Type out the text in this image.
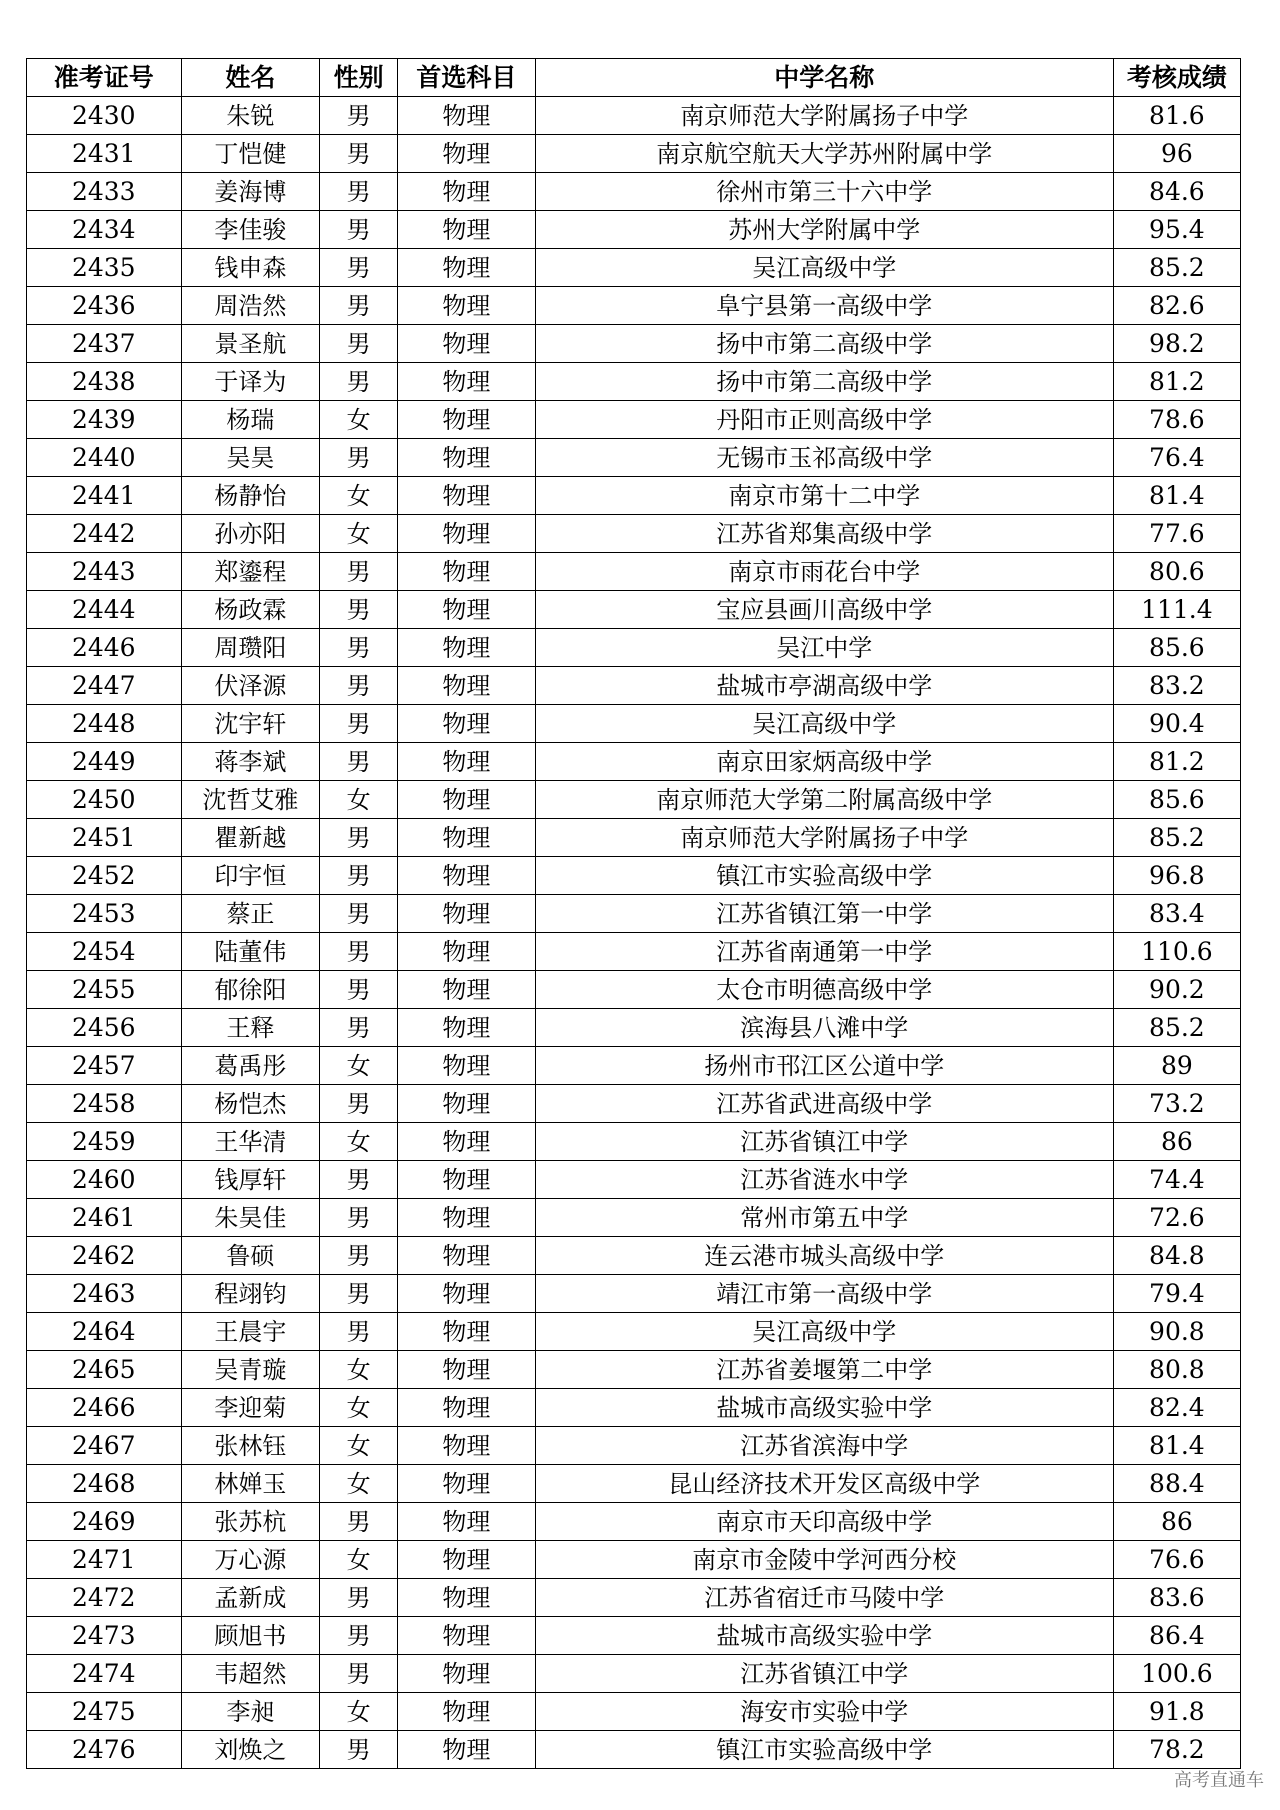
准考证号	姓名	性别	首选科目	中学名称	考核成绩
2430	朱锐	男	物理	南京师范大学附属扬子中学	81.6
2431	丁恺健	男	物理	南京航空航天大学苏州附属中学	96
2433	姜海博	男	物理	徐州市第三十六中学	84.6
2434	李佳骏	男	物理	苏州大学附属中学	95.4
2435	钱申森	男	物理	吴江高级中学	85.2
2436	周浩然	男	物理	阜宁县第一高级中学	82.6
2437	景圣航	男	物理	扬中市第二高级中学	98.2
2438	于译为	男	物理	扬中市第二高级中学	81.2
2439	杨瑞	女	物理	丹阳市正则高级中学	78.6
2440	吴昊	男	物理	无锡市玉祁高级中学	76.4
2441	杨静怡	女	物理	南京市第十二中学	81.4
2442	孙亦阳	女	物理	江苏省郑集高级中学	77.6
2443	郑鎏程	男	物理	南京市雨花台中学	80.6
2444	杨政霖	男	物理	宝应县画川高级中学	111.4
2446	周瓒阳	男	物理	吴江中学	85.6
2447	伏泽源	男	物理	盐城市亭湖高级中学	83.2
2448	沈宇轩	男	物理	吴江高级中学	90.4
2449	蒋李斌	男	物理	南京田家炳高级中学	81.2
2450	沈哲艾雅	女	物理	南京师范大学第二附属高级中学	85.6
2451	瞿新越	男	物理	南京师范大学附属扬子中学	85.2
2452	印宇恒	男	物理	镇江市实验高级中学	96.8
2453	蔡正	男	物理	江苏省镇江第一中学	83.4
2454	陆董伟	男	物理	江苏省南通第一中学	110.6
2455	郁徐阳	男	物理	太仓市明德高级中学	90.2
2456	王释	男	物理	滨海县八滩中学	85.2
2457	葛禹彤	女	物理	扬州市邗江区公道中学	89
2458	杨恺杰	男	物理	江苏省武进高级中学	73.2
2459	王华清	女	物理	江苏省镇江中学	86
2460	钱厚轩	男	物理	江苏省涟水中学	74.4
2461	朱昊佳	男	物理	常州市第五中学	72.6
2462	鲁硕	男	物理	连云港市城头高级中学	84.8
2463	程翊钧	男	物理	靖江市第一高级中学	79.4
2464	王晨宇	男	物理	吴江高级中学	90.8
2465	吴青璇	女	物理	江苏省姜堰第二中学	80.8
2466	李迎菊	女	物理	盐城市高级实验中学	82.4
2467	张林钰	女	物理	江苏省滨海中学	81.4
2468	林婵玉	女	物理	昆山经济技术开发区高级中学	88.4
2469	张苏杭	男	物理	南京市天印高级中学	86
2471	万心源	女	物理	南京市金陵中学河西分校	76.6
2472	孟新成	男	物理	江苏省宿迁市马陵中学	83.6
2473	顾旭书	男	物理	盐城市高级实验中学	86.4
2474	韦超然	男	物理	江苏省镇江中学	100.6
2475	李昶	女	物理	海安市实验中学	91.8
2476	刘焕之	男	物理	镇江市实验高级中学	78.2
高考直通车
